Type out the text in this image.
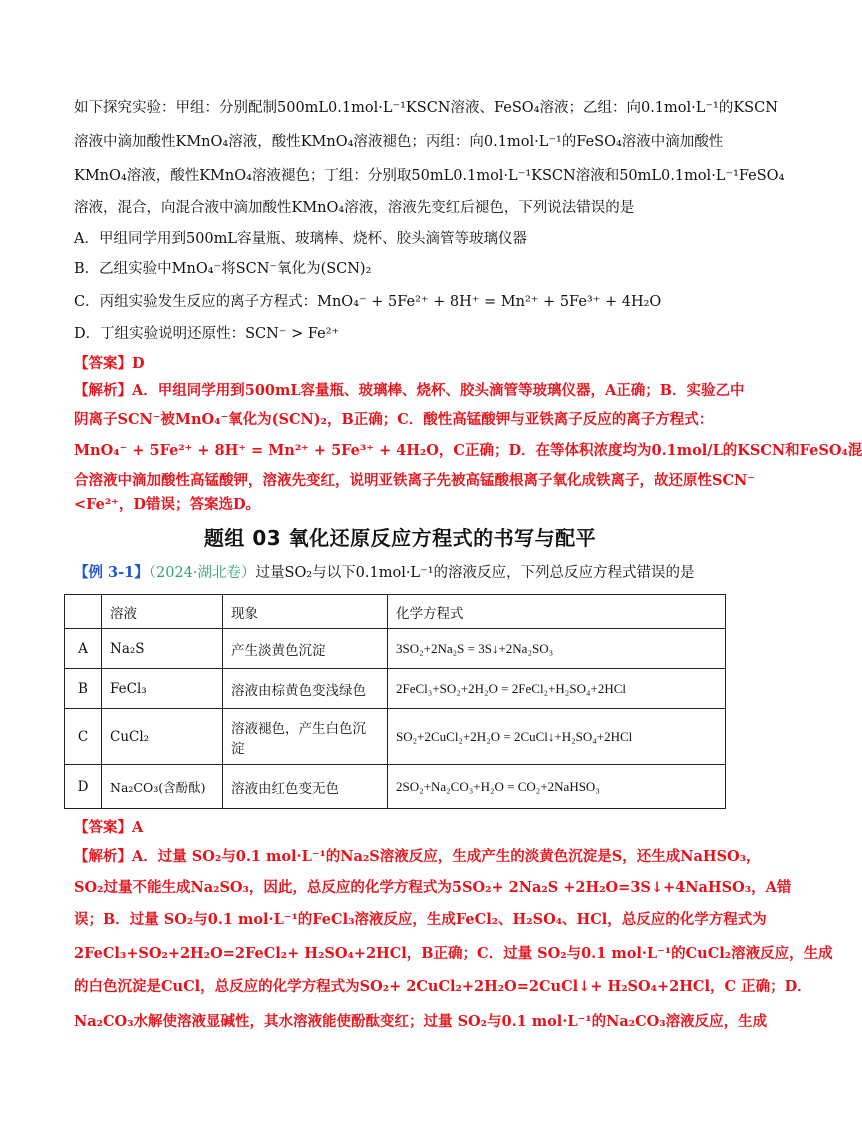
如下探究实验：甲组：分别配制500mL0.1mol·L⁻¹KSCN溶液、FeSO₄溶液；乙组：向0.1mol·L⁻¹的KSCN
溶液中滴加酸性KMnO₄溶液，酸性KMnO₄溶液褪色；丙组：向0.1mol·L⁻¹的FeSO₄溶液中滴加酸性
KMnO₄溶液，酸性KMnO₄溶液褪色；丁组：分别取50mL0.1mol·L⁻¹KSCN溶液和50mL0.1mol·L⁻¹FeSO₄
溶液，混合，向混合液中滴加酸性KMnO₄溶液，溶液先变红后褪色，下列说法错误的是
A．甲组同学用到500mL容量瓶、玻璃棒、烧杯、胶头滴管等玻璃仪器
B．乙组实验中MnO₄⁻将SCN⁻氧化为(SCN)₂
C．丙组实验发生反应的离子方程式：MnO₄⁻ + 5Fe²⁺ + 8H⁺ = Mn²⁺ + 5Fe³⁺ + 4H₂O
D．丁组实验说明还原性：SCN⁻ > Fe²⁺
【答案】D
【解析】A．甲组同学用到500mL容量瓶、玻璃棒、烧杯、胶头滴管等玻璃仪器，A正确；B．实验乙中
阴离子SCN⁻被MnO₄⁻氧化为(SCN)₂，B正确；C．酸性高锰酸钾与亚铁离子反应的离子方程式：
MnO₄⁻ + 5Fe²⁺ + 8H⁺ = Mn²⁺ + 5Fe³⁺ + 4H₂O，C正确；D．在等体积浓度均为0.1mol/L的KSCN和FeSO₄混
合溶液中滴加酸性高锰酸钾，溶液先变红，说明亚铁离子先被高锰酸根离子氧化成铁离子，故还原性SCN⁻
<Fe²⁺，D错误；答案选D。
题组 03 氧化还原反应方程式的书写与配平
【例 3-1】（2024·湖北卷）过量SO₂与以下0.1mol·L⁻¹的溶液反应，下列总反应方程式错误的是
	溶液	现象	化学方程式
A	Na₂S	产生淡黄色沉淀	3SO₂+2Na₂S = 3S↓+2Na₂SO₃
B	FeCl₃	溶液由棕黄色变浅绿色	2FeCl₃+SO₂+2H₂O = 2FeCl₂+H₂SO₄+2HCl
C	CuCl₂	溶液褪色，产生白色沉淀	SO₂+2CuCl₂+2H₂O = 2CuCl↓+H₂SO₄+2HCl
D	Na₂CO₃(含酚酞)	溶液由红色变无色	2SO₂+Na₂CO₃+H₂O = CO₂+2NaHSO₃
【答案】A
【解析】A．过量 SO₂与0.1 mol·L⁻¹的Na₂S溶液反应，生成产生的淡黄色沉淀是S，还生成NaHSO₃，
SO₂过量不能生成Na₂SO₃，因此，总反应的化学方程式为5SO₂+ 2Na₂S +2H₂O=3S↓+4NaHSO₃，A错
误；B．过量 SO₂与0.1 mol·L⁻¹的FeCl₃溶液反应，生成FeCl₂、H₂SO₄、HCl，总反应的化学方程式为
2FeCl₃+SO₂+2H₂O=2FeCl₂+ H₂SO₄+2HCl，B正确；C．过量 SO₂与0.1 mol·L⁻¹的CuCl₂溶液反应，生成
的白色沉淀是CuCl，总反应的化学方程式为SO₂+ 2CuCl₂+2H₂O=2CuCl↓+ H₂SO₄+2HCl，C 正确；D．
Na₂CO₃水解使溶液显碱性，其水溶液能使酚酞变红；过量 SO₂与0.1 mol·L⁻¹的Na₂CO₃溶液反应，生成
